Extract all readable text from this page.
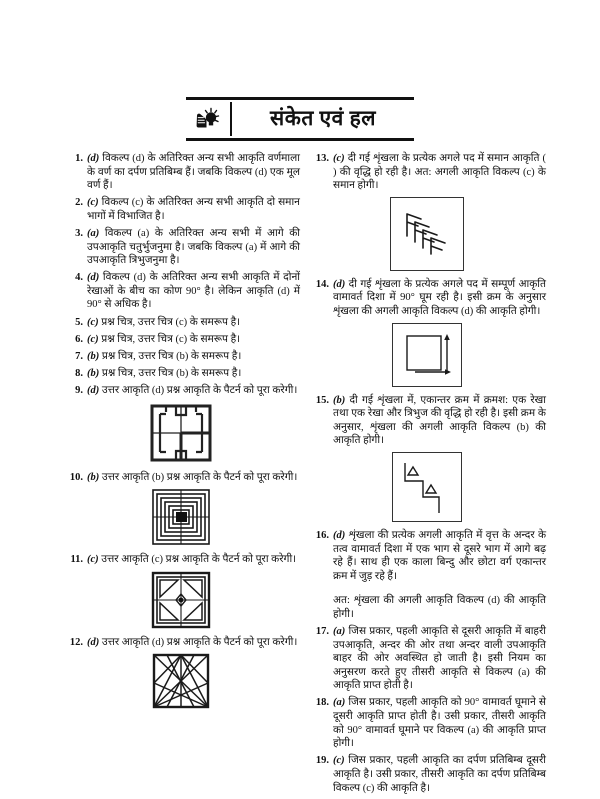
संकेत एवं हल
1. (d) विकल्प (d) के अतिरिक्त अन्य सभी आकृति वर्णमाला के वर्ण का दर्पण प्रतिबिम्ब हैं। जबकि विकल्प (d) एक मूल वर्ण हैं।
2. (c) विकल्प (c) के अतिरिक्त अन्य सभी आकृति दो समान भागों में विभाजित है।
3. (a) विकल्प (a) के अतिरिक्त अन्य सभी में आगे की उपआकृति चतुर्भुजनुमा है। जबकि विकल्प (a) में आगे की उपआकृति त्रिभुजनुमा है।
4. (d) विकल्प (d) के अतिरिक्त अन्य सभी आकृति में दोनों रेखाओं के बीच का कोण 90° है। लेकिन आकृति (d) में 90° से अधिक है।
5. (c) प्रश्न चित्र, उत्तर चित्र (c) के समरूप है।
6. (c) प्रश्न चित्र, उत्तर चित्र (c) के समरूप है।
7. (b) प्रश्न चित्र, उत्तर चित्र (b) के समरूप है।
8. (b) प्रश्न चित्र, उत्तर चित्र (b) के समरूप है।
9. (d) उत्तर आकृति (d) प्रश्न आकृति के पैटर्न को पूरा करेगी।
10. (b) उत्तर आकृति (b) प्रश्न आकृति के पैटर्न को पूरा करेगी।
11. (c) उत्तर आकृति (c) प्रश्न आकृति के पैटर्न को पूरा करेगी।
12. (d) उत्तर आकृति (d) प्रश्न आकृति के पैटर्न को पूरा करेगी।
13. (c) दी गई शृंखला के प्रत्येक अगले पद में समान आकृति ( ) की वृद्धि हो रही है। अत: अगली आकृति विकल्प (c) के समान होगी।
14. (d) दी गई शृंखला के प्रत्येक अगले पद में सम्पूर्ण आकृति वामावर्त दिशा में 90° घूम रही है। इसी क्रम के अनुसार शृंखला की अगली आकृति विकल्प (d) की आकृति होगी।
15. (b) दी गई शृंखला में, एकान्तर क्रम में क्रमश: एक रेखा तथा एक रेखा और त्रिभुज की वृद्धि हो रही है। इसी क्रम के अनुसार, शृंखला की अगली आकृति विकल्प (b) की आकृति होगी।
16. (d) शृंखला की प्रत्येक अगली आकृति में वृत्त के अन्दर के तत्व वामावर्त दिशा में एक भाग से दूसरे भाग में आगे बढ़ रहे हैं। साथ ही एक काला बिन्दु और छोटा वर्ग एकान्तर क्रम में जुड़ रहे हैं।
अत: शृंखला की अगली आकृति विकल्प (d) की आकृति होगी।
17. (a) जिस प्रकार, पहली आकृति से दूसरी आकृति में बाहरी उपआकृति, अन्दर की ओर तथा अन्दर वाली उपआकृति बाहर की ओर अवस्थित हो जाती है। इसी नियम का अनुसरण करते हुए तीसरी आकृति से विकल्प (a) की आकृति प्राप्त होती है।
18. (a) जिस प्रकार, पहली आकृति को 90° वामावर्त घूमाने से दूसरी आकृति प्राप्त होती है। उसी प्रकार, तीसरी आकृति को 90° वामावर्त घूमाने पर विकल्प (a) की आकृति प्राप्त होगी।
19. (c) जिस प्रकार, पहली आकृति का दर्पण प्रतिबिम्ब दूसरी आकृति है। उसी प्रकार, तीसरी आकृति का दर्पण प्रतिबिम्ब विकल्प (c) की आकृति है।
